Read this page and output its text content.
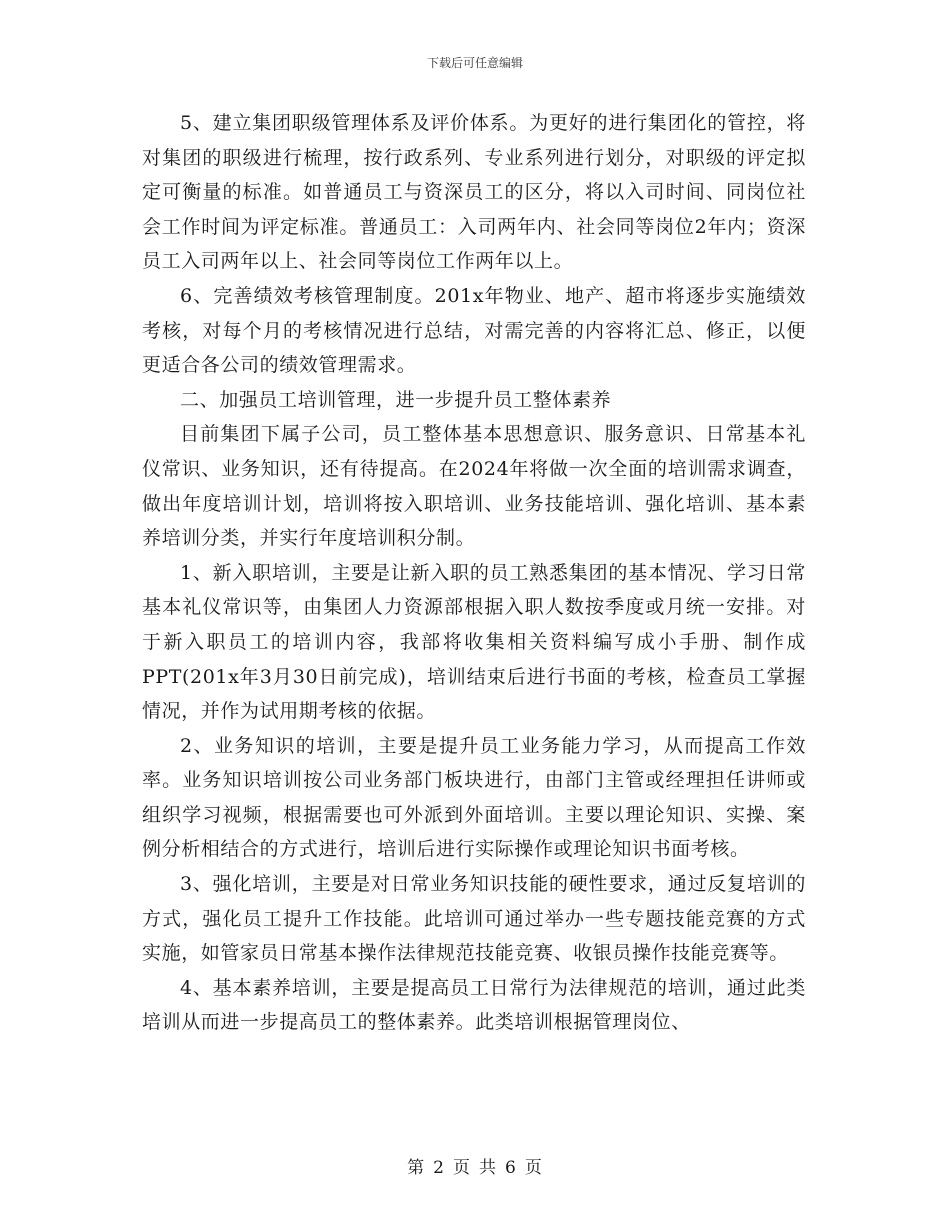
下载后可任意编辑

5、建立集团职级管理体系及评价体系。为更好的进行集团化的管控，将对集团的职级进行梳理，按行政系列、专业系列进行划分，对职级的评定拟定可衡量的标准。如普通员工与资深员工的区分，将以入司时间、同岗位社会工作时间为评定标准。普通员工：入司两年内、社会同等岗位2年内；资深员工入司两年以上、社会同等岗位工作两年以上。

6、完善绩效考核管理制度。201x年物业、地产、超市将逐步实施绩效考核，对每个月的考核情况进行总结，对需完善的内容将汇总、修正，以便更适合各公司的绩效管理需求。

二、加强员工培训管理，进一步提升员工整体素养

目前集团下属子公司，员工整体基本思想意识、服务意识、日常基本礼仪常识、业务知识，还有待提高。在2024年将做一次全面的培训需求调查，做出年度培训计划，培训将按入职培训、业务技能培训、强化培训、基本素养培训分类，并实行年度培训积分制。

1、新入职培训，主要是让新入职的员工熟悉集团的基本情况、学习日常基本礼仪常识等，由集团人力资源部根据入职人数按季度或月统一安排。对于新入职员工的培训内容，我部将收集相关资料编写成小手册、制作成PPT(201x年3月30日前完成)，培训结束后进行书面的考核，检查员工掌握情况，并作为试用期考核的依据。

2、业务知识的培训，主要是提升员工业务能力学习，从而提高工作效率。业务知识培训按公司业务部门板块进行，由部门主管或经理担任讲师或组织学习视频，根据需要也可外派到外面培训。主要以理论知识、实操、案例分析相结合的方式进行，培训后进行实际操作或理论知识书面考核。

3、强化培训，主要是对日常业务知识技能的硬性要求，通过反复培训的方式，强化员工提升工作技能。此培训可通过举办一些专题技能竞赛的方式实施，如管家员日常基本操作法律规范技能竞赛、收银员操作技能竞赛等。

4、基本素养培训，主要是提高员工日常行为法律规范的培训，通过此类培训从而进一步提高员工的整体素养。此类培训根据管理岗位、

第 2 页 共 6 页
